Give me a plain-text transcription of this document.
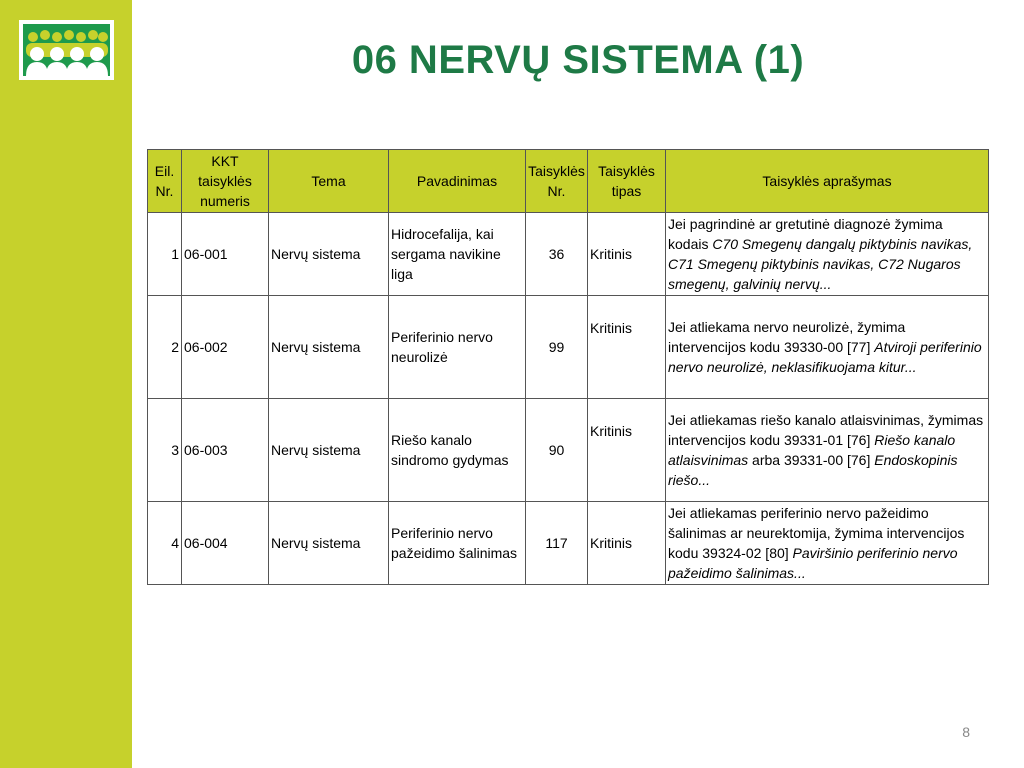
06 NERVŲ SISTEMA (1)
Eil. Nr.	KKT taisyklės numeris	Tema	Pavadinimas	Taisyklės Nr.	Taisyklės tipas	Taisyklės aprašymas
1	06-001	Nervų sistema	Hidrocefalija, kai sergama navikine liga	36	Kritinis	Jei pagrindinė ar gretutinė diagnozė žymima kodais C70 Smegenų dangalų piktybinis navikas, C71 Smegenų piktybinis navikas, C72 Nugaros smegenų, galvinių nervų...
2	06-002	Nervų sistema	Periferinio nervo neurolizė	99	Kritinis	Jei atliekama nervo neurolizė, žymima intervencijos kodu 39330-00 [77] Atviroji periferinio nervo neurolizė, neklasifikuojama kitur...
3	06-003	Nervų sistema	Riešo kanalo sindromo gydymas	90	Kritinis	Jei atliekamas riešo kanalo atlaisvinimas, žymimas intervencijos kodu 39331-01 [76] Riešo kanalo atlaisvinimas arba 39331-00 [76] Endoskopinis riešo...
4	06-004	Nervų sistema	Periferinio nervo pažeidimo šalinimas	117	Kritinis	Jei atliekamas periferinio nervo pažeidimo šalinimas ar neurektomija, žymima intervencijos kodu 39324-02 [80] Paviršinio periferinio nervo pažeidimo šalinimas...
8
